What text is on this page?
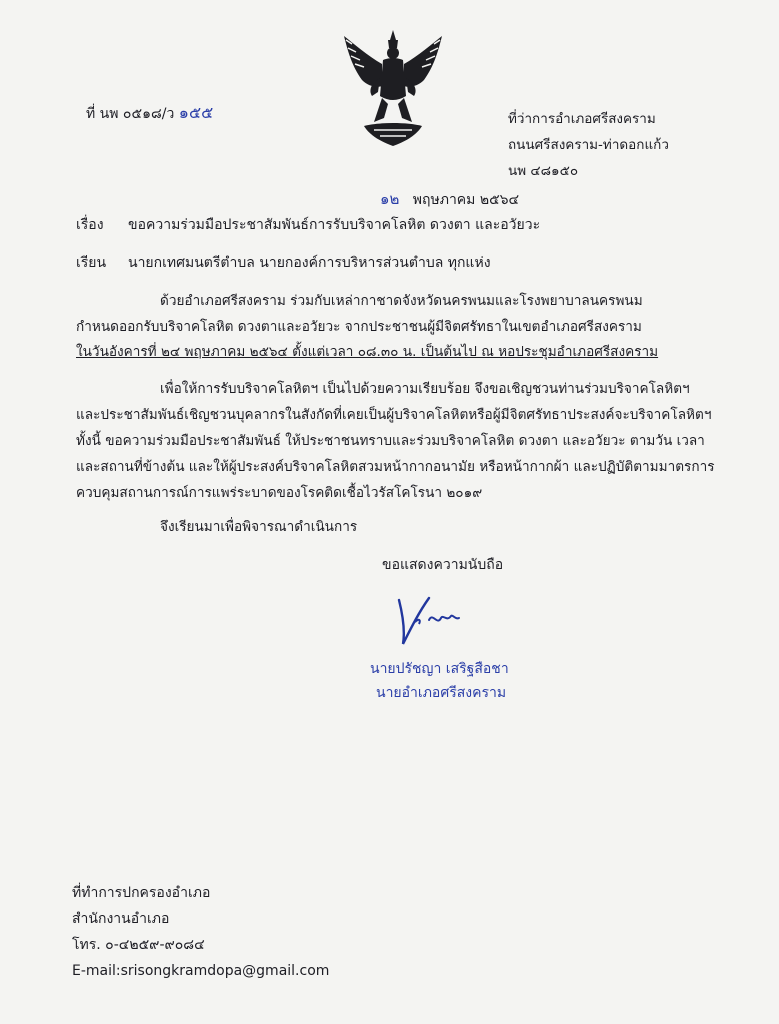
ที่ นพ ๐๕๑๘/ว ๑๕๕	ที่ว่าการอำเภอศรีสงคราม
ถนนศรีสงคราม-ท่าดอกแก้ว
นพ ๔๘๑๕๐
๑๒ พฤษภาคม ๒๕๖๔
เรื่อง ขอความร่วมมือประชาสัมพันธ์การรับบริจาคโลหิต ดวงตา และอวัยวะ
เรียน นายกเทศมนตรีตำบล นายกองค์การบริหารส่วนตำบล ทุกแห่ง
ด้วยอำเภอศรีสงคราม ร่วมกับเหล่ากาชาดจังหวัดนครพนมและโรงพยาบาลนครพนม
กำหนดออกรับบริจาคโลหิต ดวงตาและอวัยวะ จากประชาชนผู้มีจิตศรัทธาในเขตอำเภอศรีสงคราม
ในวันอังคารที่ ๒๔ พฤษภาคม ๒๕๖๔ ตั้งแต่เวลา ๐๘.๓๐ น. เป็นต้นไป ณ หอประชุมอำเภอศรีสงคราม
เพื่อให้การรับบริจาคโลหิตฯ เป็นไปด้วยความเรียบร้อย จึงขอเชิญชวนท่านร่วมบริจาคโลหิตฯ
และประชาสัมพันธ์เชิญชวนบุคลากรในสังกัดที่เคยเป็นผู้บริจาคโลหิตหรือผู้มีจิตศรัทธาประสงค์จะบริจาคโลหิตฯ
ทั้งนี้ ขอความร่วมมือประชาสัมพันธ์ ให้ประชาชนทราบและร่วมบริจาคโลหิต ดวงตา และอวัยวะ ตามวัน เวลา
และสถานที่ข้างต้น และให้ผู้ประสงค์บริจาคโลหิตสวมหน้ากากอนามัย หรือหน้ากากผ้า และปฏิบัติตามมาตรการ
ควบคุมสถานการณ์การแพร่ระบาดของโรคติดเชื้อไวรัสโคโรนา ๒๐๑๙
จึงเรียนมาเพื่อพิจารณาดำเนินการ
ขอแสดงความนับถือ
นายปรัชญา เสริฐสือชา
นายอำเภอศรีสงคราม
ที่ทำการปกครองอำเภอ
สำนักงานอำเภอ
โทร. ๐-๔๒๕๙-๙๐๘๔
E-mail:srisongkramdopa@gmail.com
